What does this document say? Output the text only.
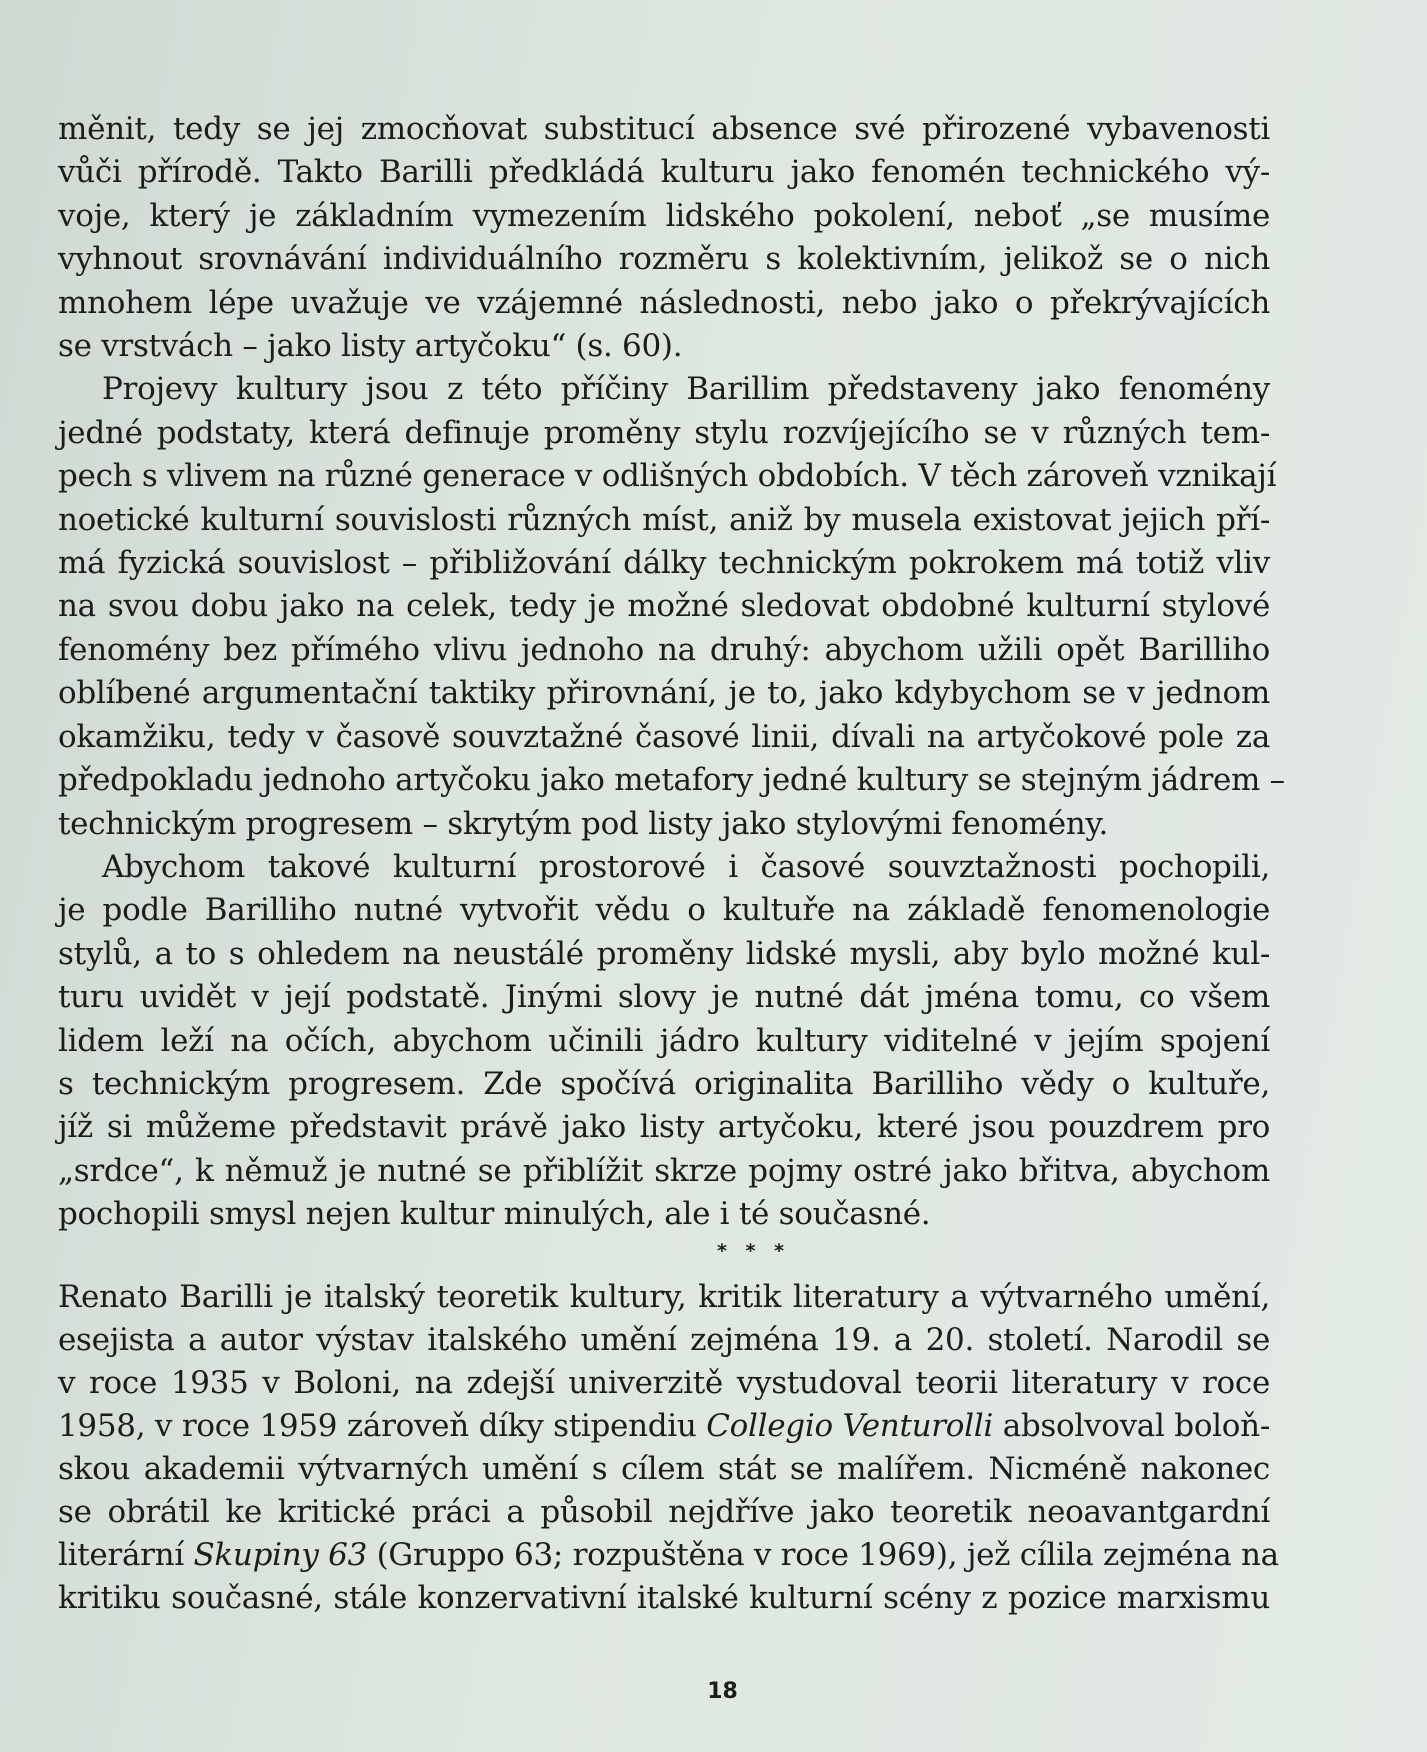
měnit, tedy se jej zmocňovat substitucí absence své přirozené vybavenosti
vůči přírodě. Takto Barilli předkládá kulturu jako fenomén technického vý-
voje, který je základním vymezením lidského pokolení, neboť „se musíme
vyhnout srovnávání individuálního rozměru s kolektivním, jelikož se o nich
mnohem lépe uvažuje ve vzájemné následnosti, nebo jako o překrývajících
se vrstvách – jako listy artyčoku“ (s. 60).
Projevy kultury jsou z této příčiny Barillim představeny jako fenomény
jedné podstaty, která definuje proměny stylu rozvíjejícího se v různých tem-
pech s vlivem na různé generace v odlišných obdobích. V těch zároveň vznikají
noetické kulturní souvislosti různých míst, aniž by musela existovat jejich pří-
má fyzická souvislost – přibližování dálky technickým pokrokem má totiž vliv
na svou dobu jako na celek, tedy je možné sledovat obdobné kulturní stylové
fenomény bez přímého vlivu jednoho na druhý: abychom užili opět Barilliho
oblíbené argumentační taktiky přirovnání, je to, jako kdybychom se v jednom
okamžiku, tedy v časově souvztažné časové linii, dívali na artyčokové pole za
předpokladu jednoho artyčoku jako metafory jedné kultury se stejným jádrem –
technickým progresem – skrytým pod listy jako stylovými fenomény.
Abychom takové kulturní prostorové i časové souvztažnosti pochopili,
je podle Barilliho nutné vytvořit vědu o kultuře na základě fenomenologie
stylů, a to s ohledem na neustálé proměny lidské mysli, aby bylo možné kul-
turu uvidět v její podstatě. Jinými slovy je nutné dát jména tomu, co všem
lidem leží na očích, abychom učinili jádro kultury viditelné v jejím spojení
s technickým progresem. Zde spočívá originalita Barilliho vědy o kultuře,
jíž si můžeme představit právě jako listy artyčoku, které jsou pouzdrem pro
„srdce“, k němuž je nutné se přiblížit skrze pojmy ostré jako břitva, abychom
pochopili smysl nejen kultur minulých, ale i té současné.
* * *
Renato Barilli je italský teoretik kultury, kritik literatury a výtvarného umění,
esejista a autor výstav italského umění zejména 19. a 20. století. Narodil se
v roce 1935 v Boloni, na zdejší univerzitě vystudoval teorii literatury v roce
1958, v roce 1959 zároveň díky stipendiu Collegio Venturolli absolvoval boloň-
skou akademii výtvarných umění s cílem stát se malířem. Nicméně nakonec
se obrátil ke kritické práci a působil nejdříve jako teoretik neoavantgardní
literární Skupiny 63 (Gruppo 63; rozpuštěna v roce 1969), jež cílila zejména na
kritiku současné, stále konzervativní italské kulturní scény z pozice marxismu
18
